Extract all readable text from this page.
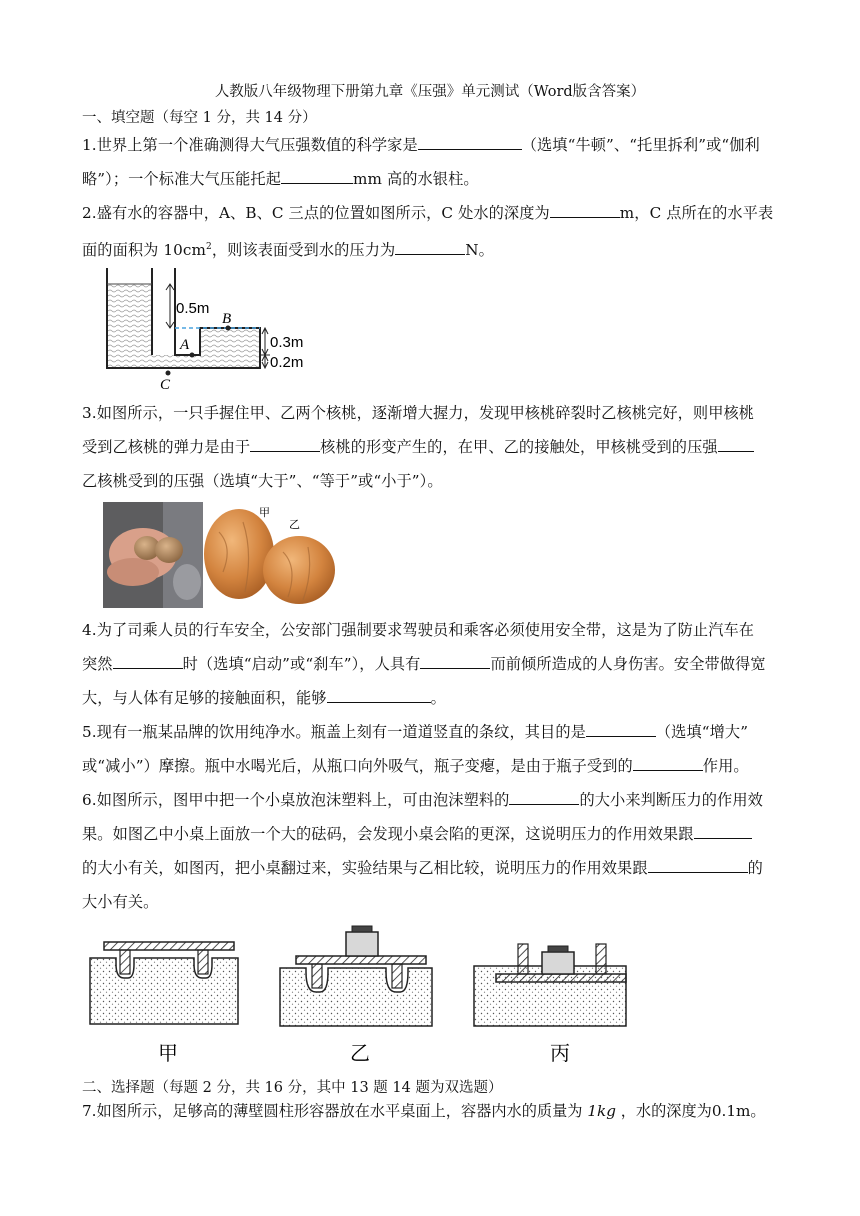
人教版八年级物理下册第九章《压强》单元测试（Word版含答案）
一、填空题（每空 1 分，共 14 分）
1.世界上第一个准确测得大气压强数值的科学家是	（选填“牛顿”、“托里拆利”或“伽利
略”）；一个标准大气压能托起	mm 高的水银柱。
2.盛有水的容器中，A、B、C 三点的位置如图所示，C 处水的深度为	m，C 点所在的水平表
面的面积为 $10cm^2$，则该表面受到水的压力为	N。
0.5m
B
A
C
0.3m
0.2m
3.如图所示，一只手握住甲、乙两个核桃，逐渐增大握力，发现甲核桃碎裂时乙核桃完好，则甲核桃
受到乙核桃的弹力是由于	核桃的形变产生的，在甲、乙的接触处，甲核桃受到的压强
乙核桃受到的压强（选填“大于”、“等于”或“小于”）。
甲
乙
4.为了司乘人员的行车安全，公安部门强制要求驾驶员和乘客必须使用安全带，这是为了防止汽车在
突然	时（选填“启动”或“刹车”），人具有	而前倾所造成的人身伤害。安全带做得宽
大，与人体有足够的接触面积，能够	。
5.现有一瓶某品牌的饮用纯净水。瓶盖上刻有一道道竖直的条纹，其目的是	（选填“增大”
或“减小”）摩擦。瓶中水喝光后，从瓶口向外吸气，瓶子变瘪，是由于瓶子受到的	作用。
6.如图所示，图甲中把一个小桌放泡沫塑料上，可由泡沫塑料的	的大小来判断压力的作用效
果。如图乙中小桌上面放一个大的砝码，会发现小桌会陷的更深，这说明压力的作用效果跟
的大小有关，如图丙，把小桌翻过来，实验结果与乙相比较，说明压力的作用效果跟	的
大小有关。
甲	乙	丙
二、选择题（每题 2 分，共 16 分，其中 13 题 14 题为双选题）
7.如图所示，足够高的薄壁圆柱形容器放在水平桌面上，容器内水的质量为 1kg ，水的深度为0.1m。
